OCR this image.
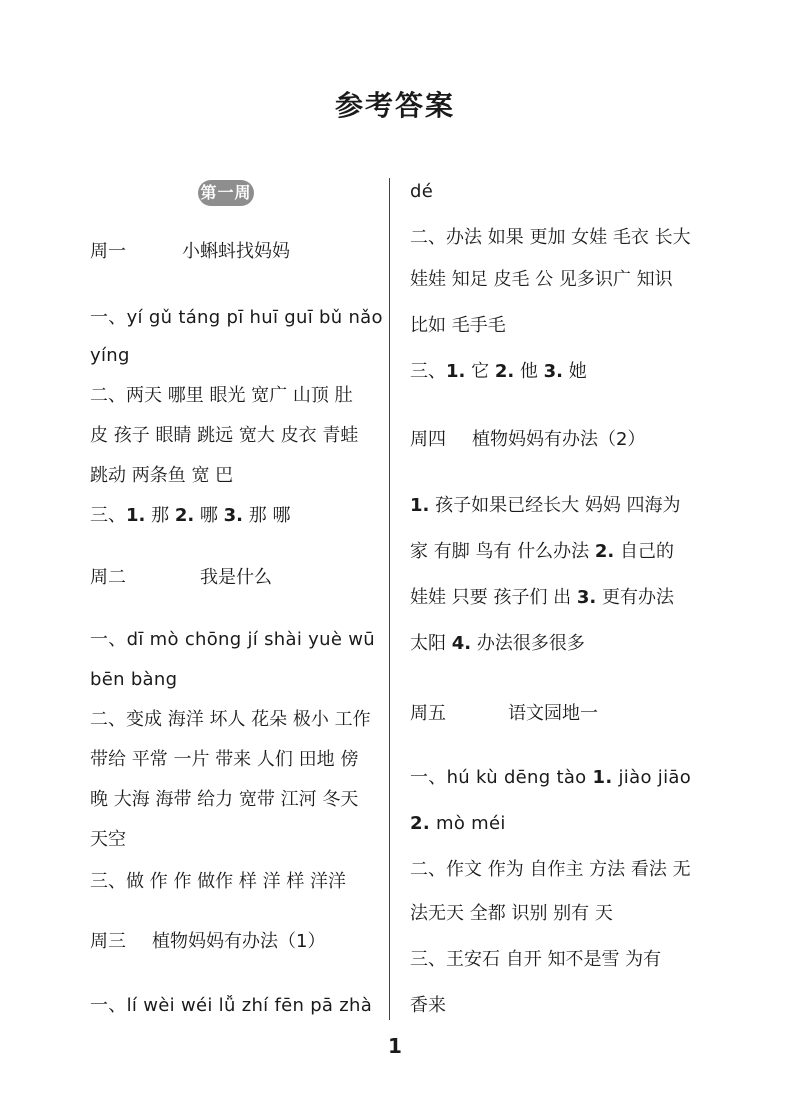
参考答案
第一周
周一	小蝌蚪找妈妈
一、yí gǔ táng pī huī guī bǔ nǎo
yíng
二、两天 哪里 眼光 宽广 山顶 肚
皮 孩子 眼睛 跳远 宽大 皮衣 青蛙
跳动 两条鱼 宽 巴
三、1. 那 2. 哪 3. 那 哪
周二	我是什么
一、dī mò chōng jí shài yuè wū
bēn bàng
二、变成 海洋 坏人 花朵 极小 工作
带给 平常 一片 带来 人们 田地 傍
晚 大海 海带 给力 宽带 江河 冬天
天空
三、做 作 作 做作 样 洋 样 洋洋
周三 植物妈妈有办法（1）
一、lí wèi wéi lǚ zhí fēn pā zhà
dé
二、办法 如果 更加 女娃 毛衣 长大
娃娃 知足 皮毛 公 见多识广 知识
比如 毛手毛
三、1. 它 2. 他 3. 她
周四 植物妈妈有办法（2）
1. 孩子如果已经长大 妈妈 四海为
家 有脚 鸟有 什么办法 2. 自己的
娃娃 只要 孩子们 出 3. 更有办法
太阳 4. 办法很多很多
周五	语文园地一
一、hú kù dēng tào 1. jiào jiāo
2. mò méi
二、作文 作为 自作主 方法 看法 无
法无天 全都 识别 别有 天
三、王安石 自开 知不是雪 为有
香来
1
